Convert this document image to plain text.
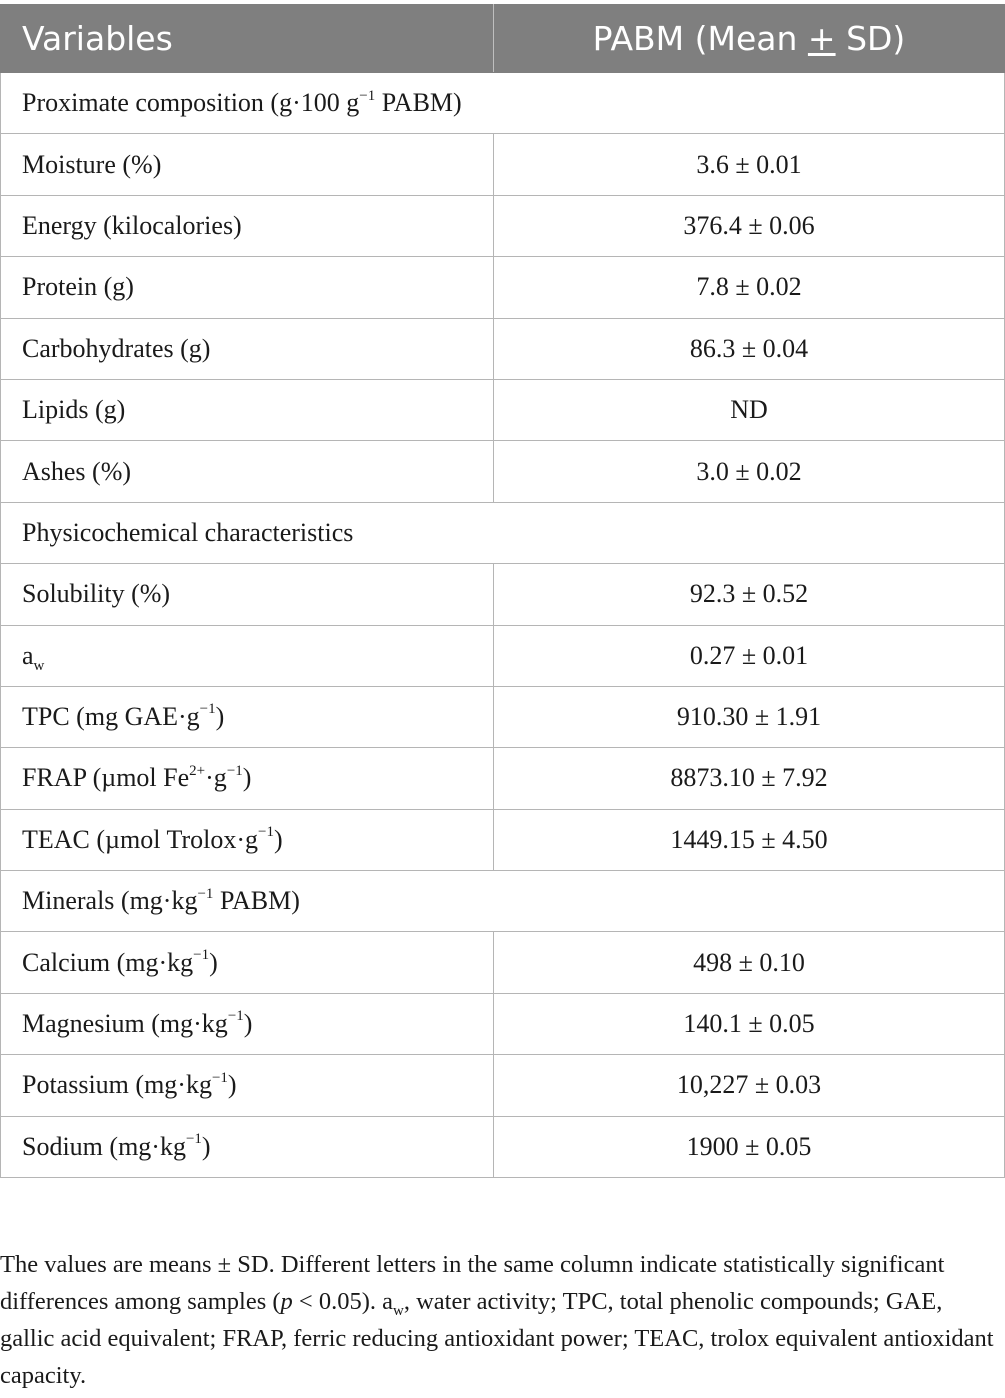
Variables	PABM (Mean + SD)
Proximate composition (g·100 $g^{-1}$ PABM)	
Moisture (%)	3.6 ± 0.01
Energy (kilocalories)	376.4 ± 0.06
Protein (g)	7.8 ± 0.02
Carbohydrates (g)	86.3 ± 0.04
Lipids (g)	ND
Ashes (%)	3.0 ± 0.02
Physicochemical characteristics	
Solubility (%)	92.3 ± 0.52
$a_w$	0.27 ± 0.01
TPC (mg $GAE\cdot g^{-1}$)	910.30 ± 1.91
FRAP (µmol $Fe^{2+}\cdot g^{-1}$)	8873.10 ± 7.92
TEAC (µmol $Trolox\cdot g^{-1}$)	1449.15 ± 4.50
Minerals ($mg\cdot kg^{-1}$ PABM)	
Calcium $(mg\cdot kg^{-1})$	498 ± 0.10
Magnesium $(mg\cdot kg^{-1})$	140.1 ± 0.05
Potassium $(mg\cdot kg^{-1})$	10,227 ± 0.03
Sodium $(mg\cdot kg^{-1})$	1900 ± 0.05
The values are means ± SD. Different letters in the same column indicate statistically significant differences among samples (p < 0.05). $a_w$, water activity; TPC, total phenolic compounds; GAE, gallic acid equivalent; FRAP, ferric reducing antioxidant power; TEAC, trolox equivalent antioxidant capacity.
